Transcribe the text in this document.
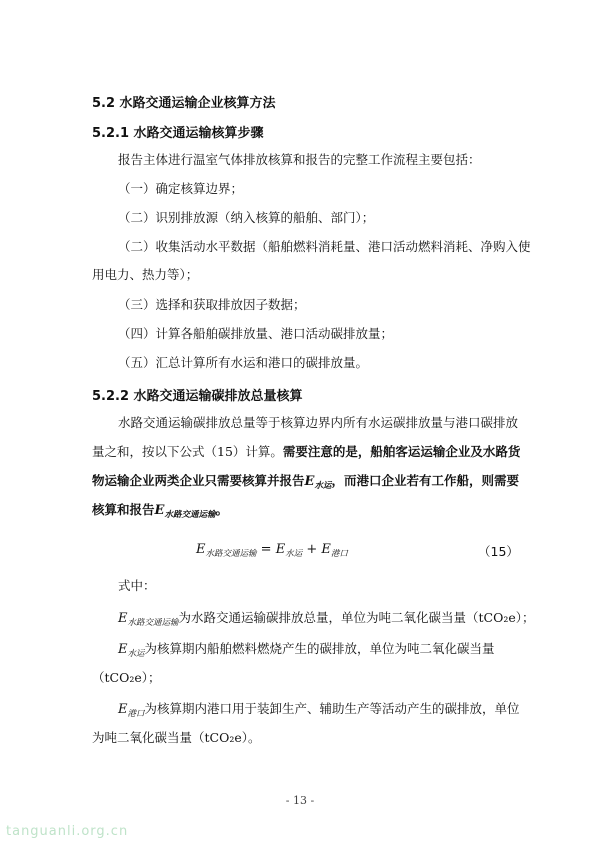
5.2 水路交通运输企业核算方法
5.2.1 水路交通运输核算步骤
报告主体进行温室气体排放核算和报告的完整工作流程主要包括：
（一）确定核算边界；
（二）识别排放源（纳入核算的船舶、部门）；
（二）收集活动水平数据（船舶燃料消耗量、港口活动燃料消耗、净购入使
用电力、热力等）；
（三）选择和获取排放因子数据；
（四）计算各船舶碳排放量、港口活动碳排放量；
（五）汇总计算所有水运和港口的碳排放量。
5.2.2 水路交通运输碳排放总量核算
水路交通运输碳排放总量等于核算边界内所有水运碳排放量与港口碳排放
量之和，按以下公式（15）计算。需要注意的是，船舶客运运输企业及水路货
物运输企业两类企业只需要核算并报告$E_{水运}$，而港口企业若有工作船，则需要
核算和报告$E_{水路交通运输}$。
$E_{水路交通运输} = E_{水运} + E_{港口}$	（15）
式中：
$E_{水路交通运输}$为水路交通运输碳排放总量，单位为吨二氧化碳当量（tCO₂e）；
$E_{水运}$为核算期内船舶燃料燃烧产生的碳排放，单位为吨二氧化碳当量
（tCO₂e）；
$E_{港口}$为核算期内港口用于装卸生产、辅助生产等活动产生的碳排放，单位
为吨二氧化碳当量（tCO₂e）。
- 13 -
tanguanli.org.cn
